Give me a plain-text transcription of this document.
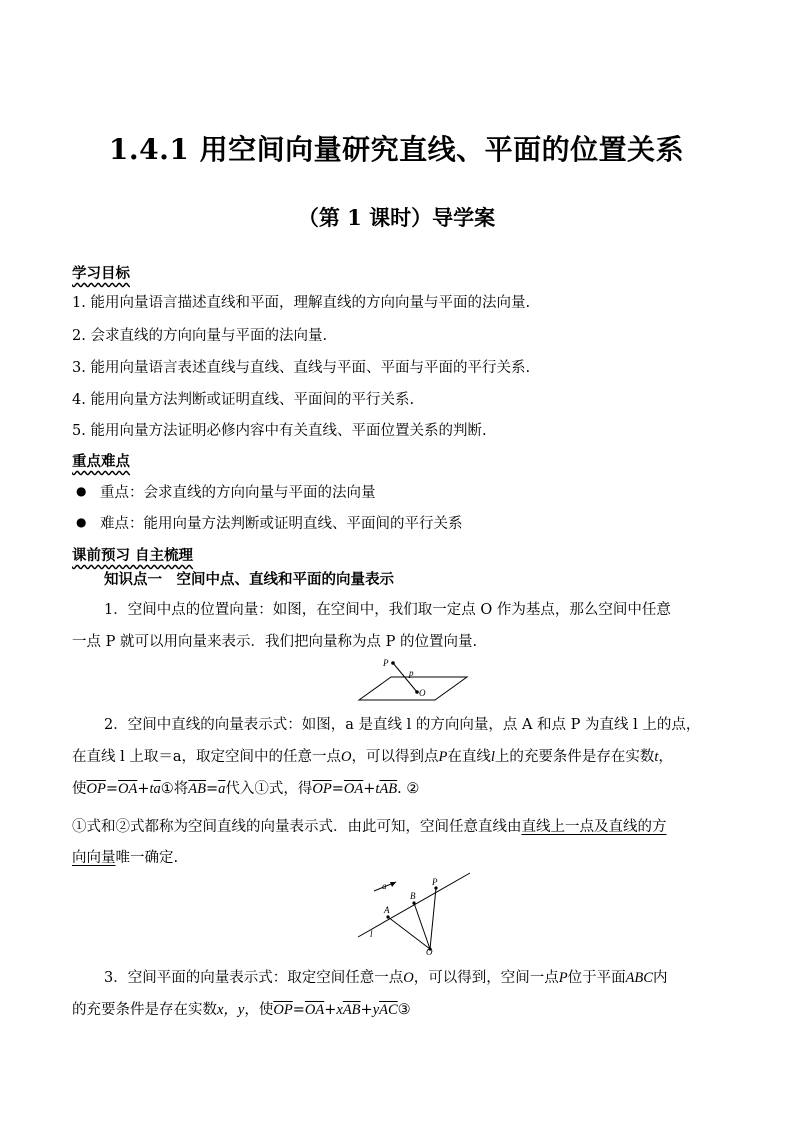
1.4.1 用空间向量研究直线、平面的位置关系
（第 1 课时）导学案
学习目标
1. 能用向量语言描述直线和平面，理解直线的方向向量与平面的法向量.
2. 会求直线的方向向量与平面的法向量.
3. 能用向量语言表述直线与直线、直线与平面、平面与平面的平行关系.
4. 能用向量方法判断或证明直线、平面间的平行关系.
5. 能用向量方法证明必修内容中有关直线、平面位置关系的判断.
重点难点
● 重点：会求直线的方向向量与平面的法向量
● 难点：能用向量方法判断或证明直线、平面间的平行关系
课前预习 自主梳理
知识点一　空间中点、直线和平面的向量表示
1．空间中点的位置向量：如图，在空间中，我们取一定点 O 作为基点，那么空间中任意
一点 P 就可以用向量来表示．我们把向量称为点 P 的位置向量.
P
p
O
2．空间中直线的向量表示式：如图，a 是直线 l 的方向向量，点 A 和点 P 为直线 l 上的点，
在直线 l 上取＝a，取定空间中的任意一点O，可以得到点P在直线l上的充要条件是存在实数t，
使$\overline{OP}=\overline{OA}+t\overline{a}①$将$\overline{AB}=\overline{a}$代入①式，得$\overline{OP}=\overline{OA}+t\overline{AB}$. ②
①式和②式都称为空间直线的向量表示式．由此可知，空间任意直线由直线上一点及直线的方
向向量唯一确定.
a	P
B
A
l
O
3．空间平面的向量表示式：取定空间任意一点O，可以得到，空间一点P位于平面ABC内
的充要条件是存在实数x，y，使$\overline{OP}=\overline{OA}+x\overline{AB}+y\overline{AC}③$
